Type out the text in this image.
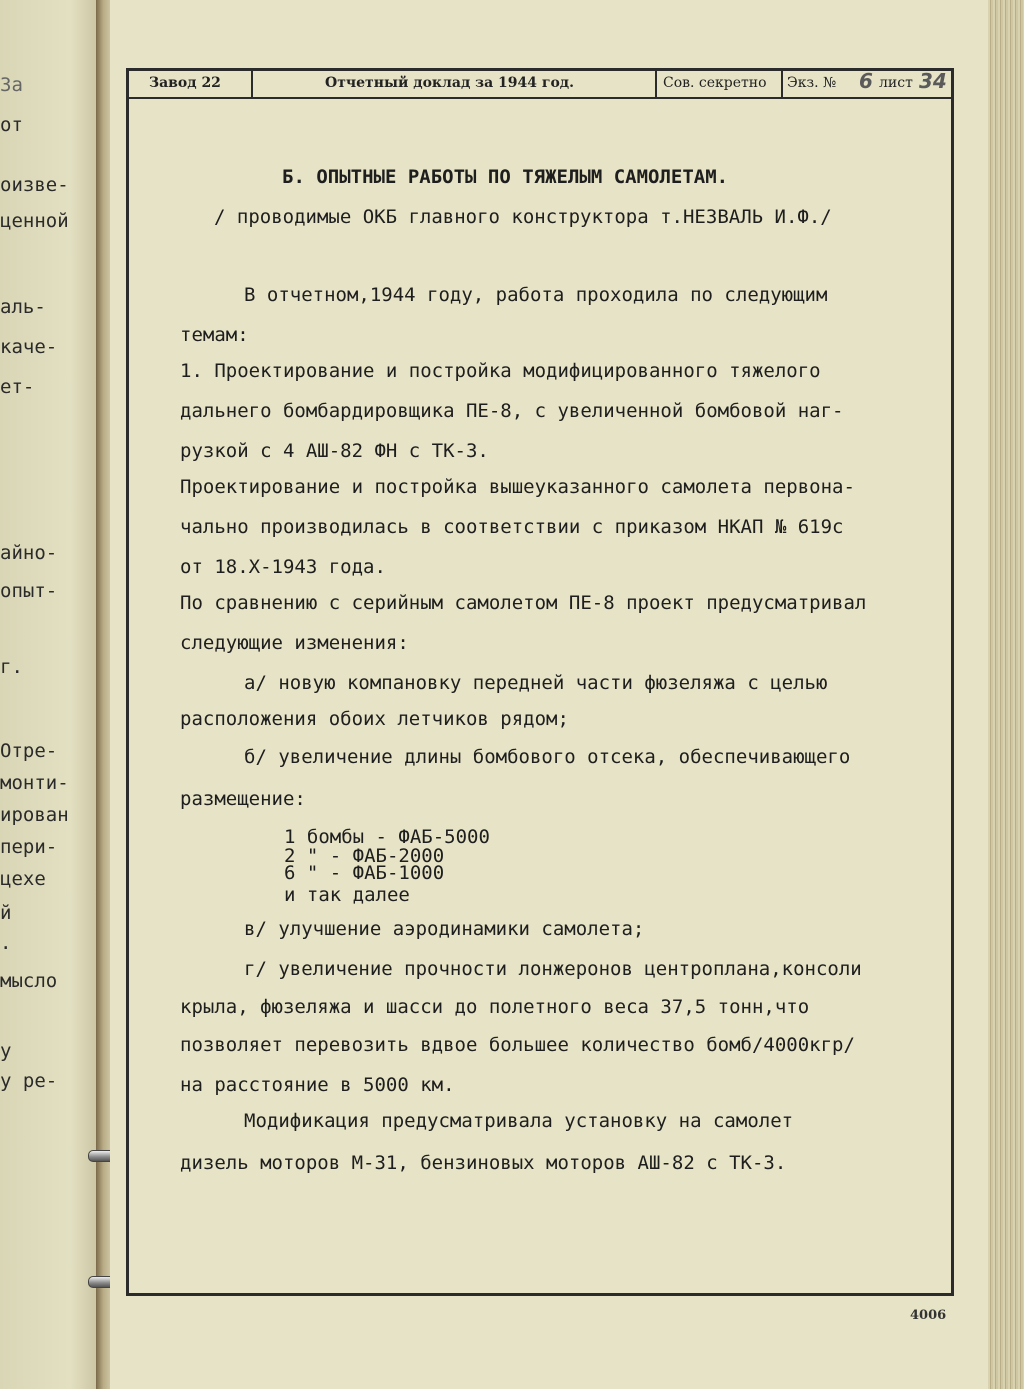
3a
oт
оизве-
ценной
аль-
каче-
ет-
айно-
опыт-
г.
Отре-
монти-
ирован
пери-
цехе
й
.
мысло
у
у ре-
Завод 22	Отчетный доклад за 1944 год.	Сов. секретно Экз. № 6 лист 34
Б. ОПЫТНЫЕ РАБОТЫ ПО ТЯЖЕЛЫМ САМОЛЕТАМ.
/ проводимые ОКБ главного конструктора т.НЕЗВАЛЬ И.Ф./
В отчетном,1944 году, работа проходила по следующим
темам:
1. Проектирование и постройка модифицированного тяжелого
дальнего бомбардировщика ПЕ-8, с увеличенной бомбовой наг-
рузкой с 4 АШ-82 ФН с ТК-3.
Проектирование и постройка вышеуказанного самолета первона-
чально производилась в соответствии с приказом НКАП № 619с
от 18.Х-1943 года.
По сравнению с серийным самолетом ПЕ-8 проект предусматривал
следующие изменения:
а/ новую компановку передней части фюзеляжа с целью
расположения обоих летчиков рядом;
б/ увеличение длины бомбового отсека, обеспечивающего
размещение:
1 бомбы - ФАБ-5000
2 " - ФАБ-2000
6 " - ФАБ-1000
и так далее
в/ улучшение аэродинамики самолета;
г/ увеличение прочности лонжеронов центроплана,консоли
крыла, фюзеляжа и шасси до полетного веса 37,5 тонн,что
позволяет перевозить вдвое большее количество бомб/4000кгр/
на расстояние в 5000 км.
Модификация предусматривала установку на самолет
дизель моторов М-31, бензиновых моторов АШ-82 с ТК-3.
4006
